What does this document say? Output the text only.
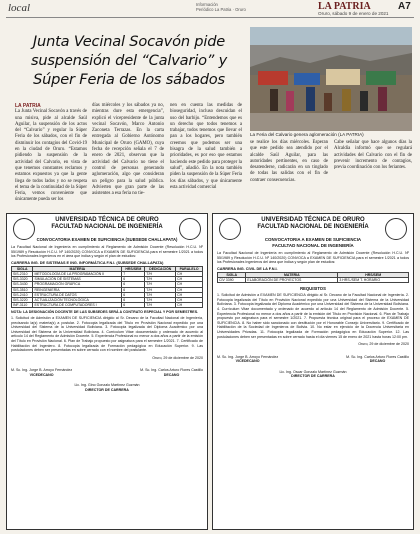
local	Información
Periódico La Patria · Oruro	LA PATRIA
Oruro, sábado 9 de enero de 2021
A7
Junta Vecinal Socavón pide suspensión del “Calvario” y Súper Feria de los sábados
La Feria del Calvario genera aglomeración (LA PATRIA)
LA PATRIA
La Junta Vecinal Socavón a través de una misiva, pide al alcalde Saúl Aguilar, la suspensión de los actos del “Calvario” y regular la Súper Feria de los sábados, con el fin de disminuir los contagios del Covid-19 en la ciudad de Oruro. “Estamos pidiendo la suspensión de la actividad del Calvario, en vista de que tenemos constantes reclamos y estamos expuestos ya que la gente llega de todos lados y no se respeta el tema de la continuidad de la Súper Feria, vemos conveniente que únicamente pueda ser los
días miércoles y los sábados ya no, mientras dure esta emergencia”, explicó el vicepresidente de la junta vecinal Socavón, Marco Antonio Zaconeta Terrazas. En la carta entregada al Gobierno Autónomo Municipal de Oruro (GAMO), cuya fecha de recepción señala el 7 de enero de 2021, observan que la actividad del Calvario no tiene el control de personas generando aglomeración, algo que consideran un peligro para la salud pública. Advierten que gran parte de las asistentes a esa feria no tie-
nen en cuenta las medidas de bioseguridad, incluso descuidan el uso del barbijo. “Entendemos que es un derecho que todos tenemos a trabajar, todos tenemos que llevar el pan a los hogares, pero también creemos que podemos ser una bisagra de la salud también a prioridades, es por eso que estamos haciendo este pedido para proteger la salud”, añadió. En la nota también piden la suspensión de la Súper Feria los días sábados, y que únicamente esta actividad comercial
se realice los días miércoles. Esperan que este pedido sea atendido por el alcalde Saúl Aguilar, para las autoridades pertinentes, en caso de desatenderse, radicarán en un tinglado de todas las salidas con el fin de contraer consecuencias.
Cabe señalar que hace algunos días la Alcaldía informó que se regulará actividades del Calvario con el fin de prevenir incremento de contagios, previa coordinación con los feriantes.
UNIVERSIDAD TÉCNICA DE ORURO
FACULTAD NACIONAL DE INGENIERÍA
CONVOCATORIA EXAMEN DE SUFICIENCIA (SUBSEDE CHALLAPATA)
La Facultad Nacional de Ingeniería en cumplimiento al Reglamento de Admisión Docente (Resolución H.C.U. Nº 55/1989 y Resolución H.C.U. Nº 140/2020) CONVOCA a EXAMEN DE SUFICIENCIA para el semestre 1/2021 a todos los Profesionales Ingenieros en el área que indica y según el plan de estudios:
CARRERA ING. DE SISTEMAS E ING. INFORMÁTICA F.N.I. (SUBSEDE CHALLAPATA)
SIGLA	MATERIA	HRS/SEM	DEDICACIÓN	PARALELO
SIS-2310	METODOLOGÍA DE LA PROGRAMACIÓN II	7	T/H	CH
SIS-3320	SIMULACIÓN DE SISTEMAS	6	T/H	CH
SIS-3430	PROGRAMACIÓN GRÁFICA	6	T/H	CH
SIS-3510	REINGENIERÍA	6	T/H	CH
SIS-2410	ESTRUCTURA DE DATOS	6	T/H	CH
SIS-3220	ACTUALIZACIÓN TECNOLÓGICA	6	T/H	CH
INF-3110	ESTRUCTURA DE COMPUTADORES I	6	T/H	CH
NOTA: LA DESIGNACIÓN DOCENTE DE LAS SUBSEDES SERÁ A CONTRATO ESPECIAL Y POR SEMESTRES.
1. Solicitud de Admisión a EXAMEN DE SUFICIENCIA dirigido al Sr. Decano de la Facultad Nacional de Ingeniería, precisando la(s) materia(s) a postular. 2. Fotocopia legalizada del Título en Provisión Nacional expedido por una Universidad del Sistema de la Universidad Boliviana. 3. Fotocopia legalizada del Diploma Académico por una Universidad del Sistema de la Universidad Boliviana. 4. Currículum Vitae documentado y ordenado de acuerdo al artículo 14 del Reglamento de Admisión Docente. 5. Experiencia Profesional no menor a dos años a partir de la emisión del Título en Provisión Nacional. 6. Plan de Trabajo propuesto por asignatura para el semestre 1/2021. 7. Certificado de Habilitación del Ingeniero. 8. Fotocopia legalizada de Formación pedagógica en Educación Superior. 9. Las postulaciones deben ser presentadas en sobre cerrado con el nombre del postulante.
Oruro, 29 de diciembre de 2020
M. Sc. Ing. Jorge B. Arroyo Fernández
VICEDECANO
M. Sc. Ing. Carlos Arturo Flores Castillo
DECANO
Lic. Ing. Gino Gonzalo Martínez Guzmán
DIRECTOR DE CARRERA
UNIVERSIDAD TÉCNICA DE ORURO
FACULTAD NACIONAL DE INGENIERÍA
CONVOCATORIA A EXAMEN DE SUFICIENCIA
FACULTAD NACIONAL DE INGENIERÍA
La Facultad Nacional de Ingeniería en cumplimiento al Reglamento de Admisión Docente (Resolución H.C.U. Nº 55/1989 y Resolución H.C.U. Nº 140/2020) CONVOCA a EXAMEN DE SUFICIENCIA para el semestre 1/2021 a todos los Profesionales Ingenieros del área que indica y según plan de estudios:
CARRERA ING. CIVIL DE LA F.N.I.
SIGLA	MATERIA	HRS/SEM
CIV 3390	ELABORACIÓN DE PROYECTOS	3 HRS./SEM T. HORARIO
REQUISITOS
1. Solicitud de Admisión a EXAMEN DE SUFICIENCIA dirigido al Sr. Decano de la Facultad Nacional de Ingeniería. 2. Fotocopia legalizada del Título en Provisión Nacional expedido por una Universidad del Sistema de la Universidad Boliviana. 3. Fotocopia legalizada del Diploma Académico por una Universidad del Sistema de la Universidad Boliviana. 4. Currículum Vitae documentado y ordenado de acuerdo al artículo 14 del Reglamento de Admisión Docente. 5. Experiencia Profesional no menor a dos años a partir de la emisión del Título en Provisión Nacional. 6. Plan de Trabajo propuesto por asignatura para el semestre 1/2021. 7. Propuesta técnica original para el proceso de EXAMEN DE SUFICIENCIA. 8. No haber sido sancionado con destitución por el Honorable Consejo Universitario. 9. Certificado de Habilitación de la Sociedad de Ingenieros de Bolivia. 10. No estar en ejercicio de la Docencia Universitaria en Universidades Privadas. 11. Fotocopia legalizada de Formación pedagógica en Educación Superior. 12. Las postulaciones deben ser presentadas en sobre cerrado hasta el día viernes 15 de enero de 2021 hasta horas 12:00 pm.
Oruro, 29 de diciembre de 2020
M. Sc. Ing. Jorge B. Arroyo Fernández
VICEDECANO
M. Sc. Ing. Carlos Arturo Flores Castillo
DECANO
Lic. Ing. Oscar Gonzalo Martínez Guzmán
DIRECTOR DE CARRERA
